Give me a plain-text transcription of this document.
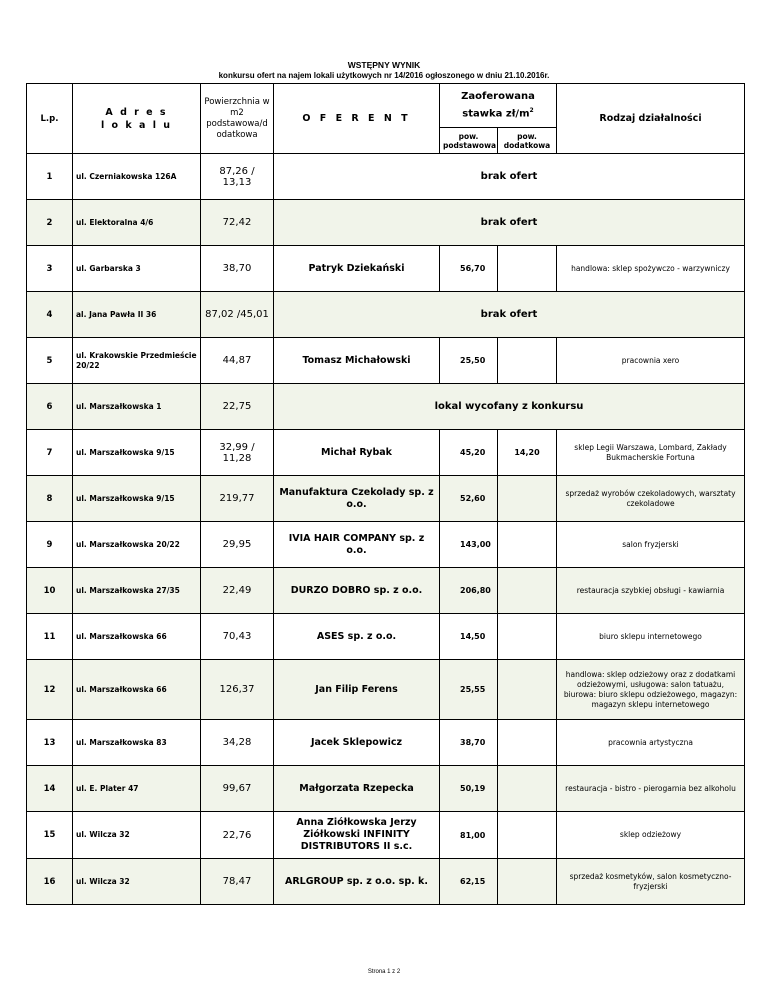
WSTĘPNY WYNIK
konkursu ofert na najem lokali użytkowych nr 14/2016 ogłoszonego w dniu 21.10.2016r.
L.p.	A d r e s
l o k a l u	Powierzchnia w m2 podstawowa/d odatkowa	O F E R E N T	Zaoferowana stawka $zł/m^2$		Rodzaj działalności
				pow. podstawowa	pow. dodatkowa	
1	ul. Czerniakowska 126A	87,26 / 13,13	brak ofert			
2	ul. Elektoralna 4/6	72,42	brak ofert			
3	ul. Garbarska 3	38,70	Patryk Dziekański	56,70		handlowa: sklep spożywczo - warzywniczy
4	al. Jana Pawła II 36	87,02 /45,01	brak ofert			
5	ul. Krakowskie Przedmieście 20/22	44,87	Tomasz Michałowski	25,50		pracownia xero
6	ul. Marszałkowska 1	22,75	lokal wycofany z konkursu			
7	ul. Marszałkowska 9/15	32,99 / 11,28	Michał Rybak	45,20	14,20	sklep Legii Warszawa, Lombard, Zakłady Bukmacherskie Fortuna
8	ul. Marszałkowska 9/15	219,77	Manufaktura Czekolady sp. z o.o.	52,60		sprzedaż wyrobów czekoladowych, warsztaty czekoladowe
9	ul. Marszałkowska 20/22	29,95	IVIA HAIR COMPANY sp. z o.o.	143,00		salon fryzjerski
10	ul. Marszałkowska 27/35	22,49	DURZO DOBRO sp. z o.o.	206,80		restauracja szybkiej obsługi - kawiarnia
11	ul. Marszałkowska 66	70,43	ASES sp. z o.o.	14,50		biuro sklepu internetowego
12	ul. Marszałkowska 66	126,37	Jan Filip Ferens	25,55		handlowa: sklep odzieżowy oraz z dodatkami odzieżowymi, usługowa: salon tatuażu, biurowa: biuro sklepu odzieżowego, magazyn: magazyn sklepu internetowego
13	ul. Marszałkowska 83	34,28	Jacek Sklepowicz	38,70		pracownia artystyczna
14	ul. E. Plater 47	99,67	Małgorzata Rzepecka	50,19		restauracja - bistro - pierogarnia bez alkoholu
15	ul. Wilcza 32	22,76	Anna Ziółkowska Jerzy Ziółkowski INFINITY DISTRIBUTORS II s.c.	81,00		sklep odzieżowy
16	ul. Wilcza 32	78,47	ARLGROUP sp. z o.o. sp. k.	62,15		sprzedaż kosmetyków, salon kosmetyczno-fryzjerski
Strona 1 z 2
